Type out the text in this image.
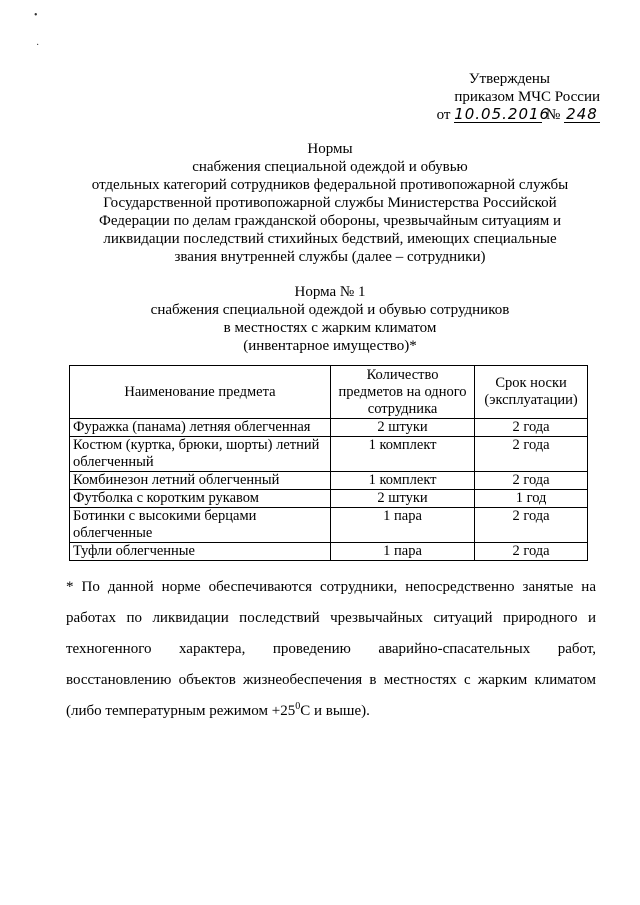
•
·
Утверждены
приказом МЧС России
от 10.05.2016 № 248
Нормы
снабжения специальной одеждой и обувью
отдельных категорий сотрудников федеральной противопожарной службы
Государственной противопожарной службы Министерства Российской
Федерации по делам гражданской обороны, чрезвычайным ситуациям и
ликвидации последствий стихийных бедствий, имеющих специальные
звания внутренней службы (далее – сотрудники)
Норма № 1
снабжения специальной одеждой и обувью сотрудников
в местностях с жарким климатом
(инвентарное имущество)*
Наименование предмета	Количество предметов на одного сотрудника	Срок носки (эксплуатации)
Фуражка (панама) летняя облегченная	2 штуки	2 года
Костюм (куртка, брюки, шорты) летний облегченный	1 комплект	2 года
Комбинезон летний облегченный	1 комплект	2 года
Футболка с коротким рукавом	2 штуки	1 год
Ботинки с высокими берцами облегченные	1 пара	2 года
Туфли облегченные	1 пара	2 года

* По данной норме обеспечиваются сотрудники, непосредственно занятые на работах по ликвидации последствий чрезвычайных ситуаций природного и техногенного характера, проведению аварийно-спасательных работ, восстановлению объектов жизнеобеспечения в местностях с жарким климатом (либо температурным режимом $+25^0С$ и выше).
